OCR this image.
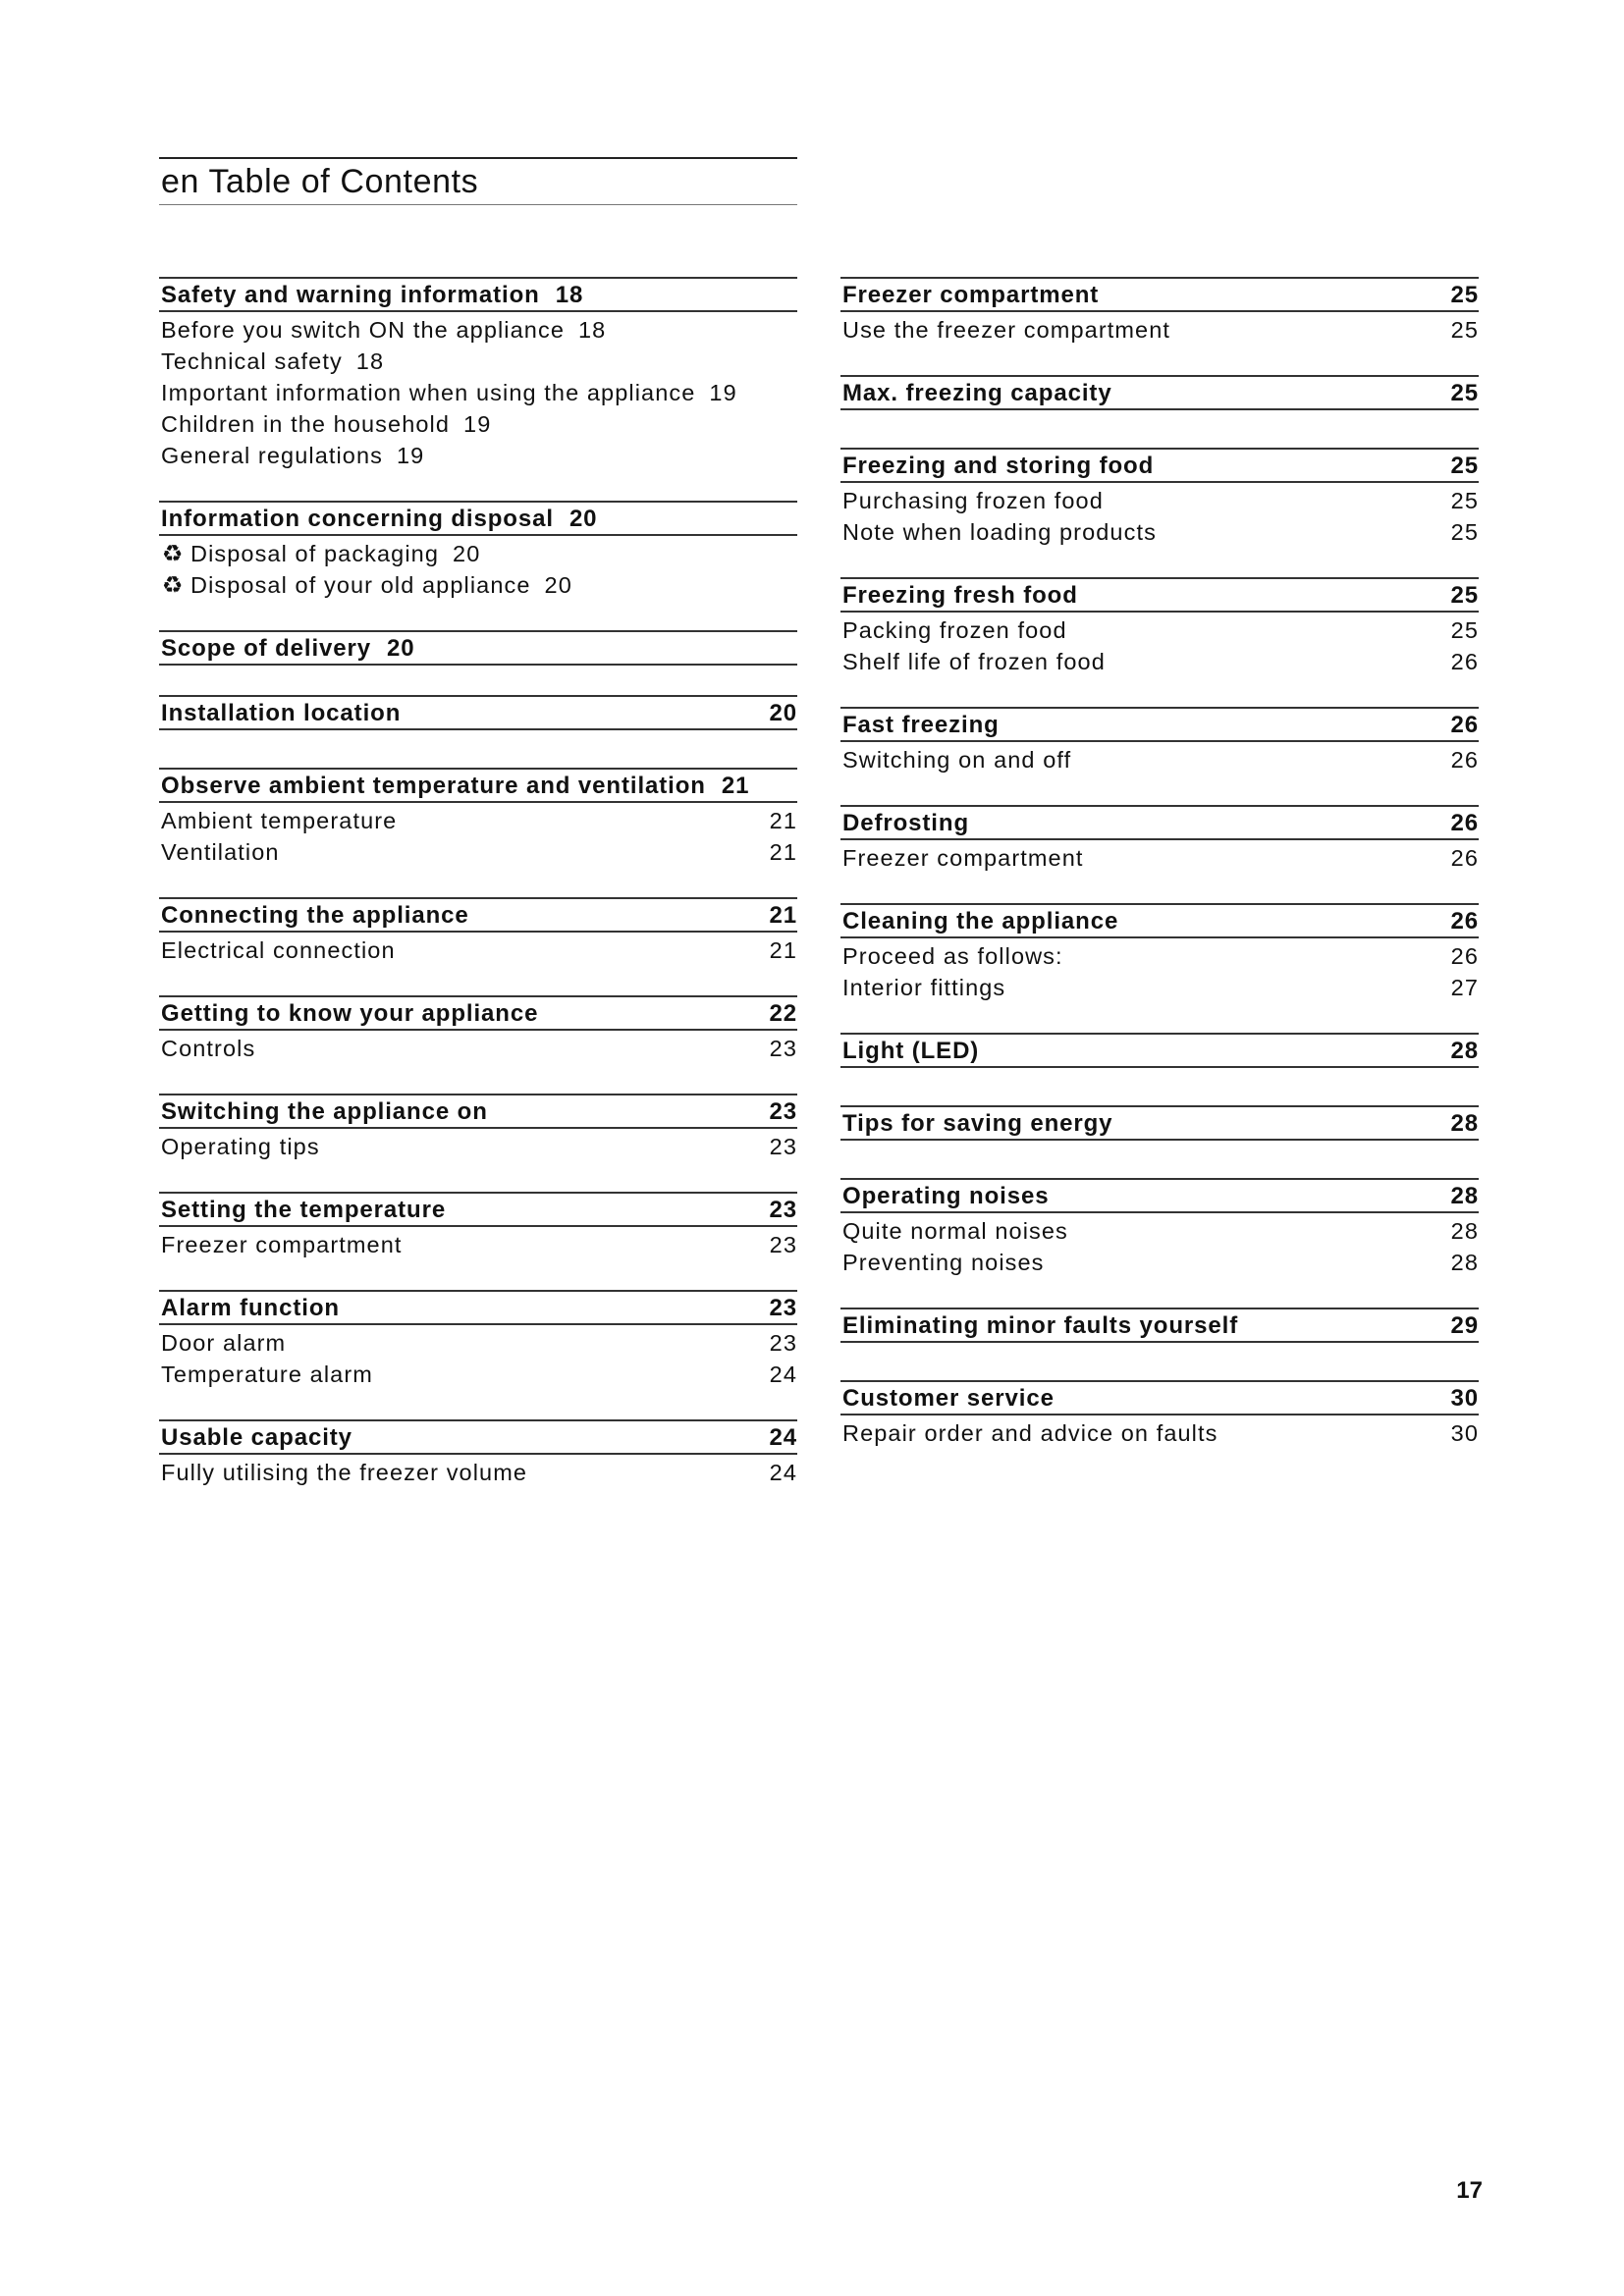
en Table of Contents
Safety and warning information 18
Before you switch ON the appliance 18
Technical safety 18
Important information when using the appliance 19
Children in the household 19
General regulations 19
Information concerning disposal 20
♻ Disposal of packaging 20
♻ Disposal of your old appliance 20
Scope of delivery 20
Installation location	20
Observe ambient temperature and ventilation 21
Ambient temperature	21
Ventilation	21
Connecting the appliance	21
Electrical connection	21
Getting to know your appliance	22
Controls	23
Switching the appliance on	23
Operating tips	23
Setting the temperature	23
Freezer compartment	23
Alarm function	23
Door alarm	23
Temperature alarm	24
Usable capacity	24
Fully utilising the freezer volume	24
Freezer compartment	25
Use the freezer compartment	25
Max. freezing capacity	25
Freezing and storing food	25
Purchasing frozen food	25
Note when loading products	25
Freezing fresh food	25
Packing frozen food	25
Shelf life of frozen food	26
Fast freezing	26
Switching on and off	26
Defrosting	26
Freezer compartment	26
Cleaning the appliance	26
Proceed as follows:	26
Interior fittings	27
Light (LED)	28
Tips for saving energy	28
Operating noises	28
Quite normal noises	28
Preventing noises	28
Eliminating minor faults yourself	29
Customer service	30
Repair order and advice on faults	30
17
